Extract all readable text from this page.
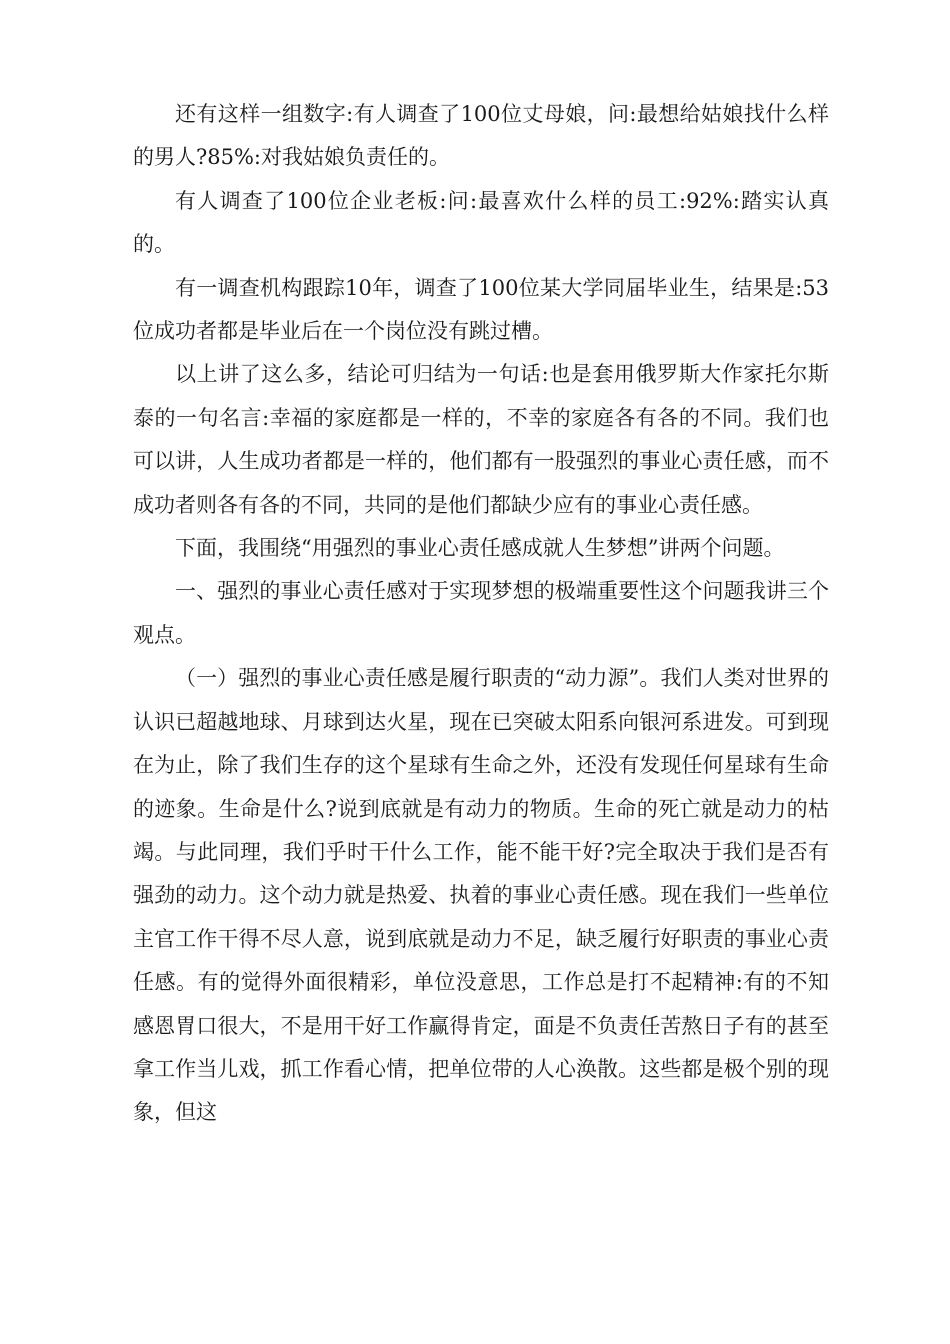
还有这样一组数字:有人调查了100位丈母娘，问:最想给姑娘找什么样的男人?85%:对我姑娘负责任的。

有人调查了100位企业老板:问:最喜欢什么样的员工:92%:踏实认真的。

有一调查机构跟踪10年，调查了100位某大学同届毕业生，结果是:53位成功者都是毕业后在一个岗位没有跳过槽。

以上讲了这么多，结论可归结为一句话:也是套用俄罗斯大作家托尔斯泰的一句名言:幸福的家庭都是一样的，不幸的家庭各有各的不同。我们也可以讲，人生成功者都是一样的，他们都有一股强烈的事业心责任感，而不成功者则各有各的不同，共同的是他们都缺少应有的事业心责任感。

下面，我围绕“用强烈的事业心责任感成就人生梦想”讲两个问题。

一、强烈的事业心责任感对于实现梦想的极端重要性这个问题我讲三个观点。

（一）强烈的事业心责任感是履行职责的“动力源”。我们人类对世界的认识已超越地球、月球到达火星，现在已突破太阳系向银河系进发。可到现在为止，除了我们生存的这个星球有生命之外，还没有发现任何星球有生命的迹象。生命是什么?说到底就是有动力的物质。生命的死亡就是动力的枯竭。与此同理，我们乎时干什么工作，能不能干好?完全取决于我们是否有强劲的动力。这个动力就是热爱、执着的事业心责任感。现在我们一些单位主官工作干得不尽人意，说到底就是动力不足，缺乏履行好职责的事业心责任感。有的觉得外面很精彩，单位没意思，工作总是打不起精神:有的不知感恩胃口很大，不是用干好工作赢得肯定，面是不负责任苦熬日子有的甚至拿工作当儿戏，抓工作看心情，把单位带的人心涣散。这些都是极个别的现象，但这
